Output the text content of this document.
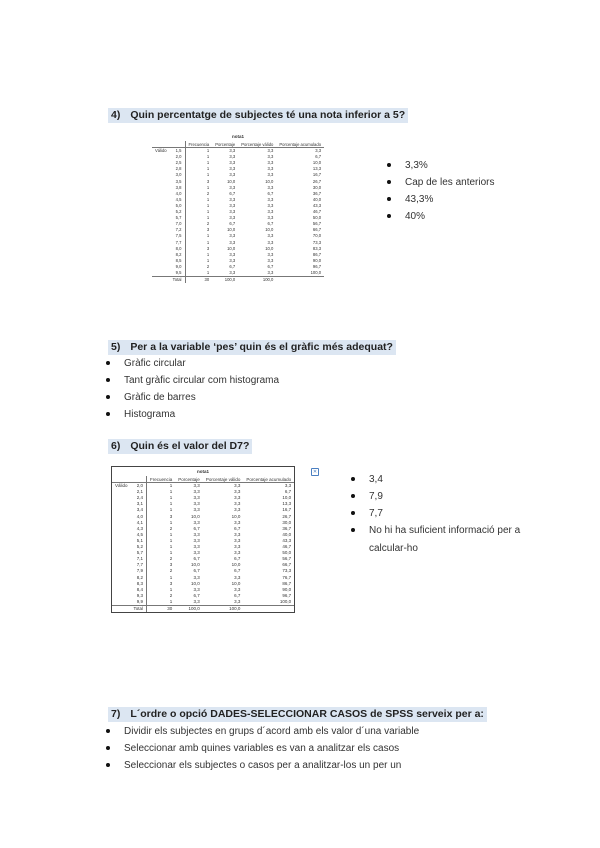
4) Quin percentatge de subjectes té una nota inferior a 5?
nota1					
		Frecuencia	Porcentaje	Porcentaje válido	Porcentaje acumulado
Válido	1,5	1	3,3	3,3	3,3
	2,0	1	3,3	3,3	6,7
	2,5	1	3,3	3,3	10,0
	2,8	1	3,3	3,3	13,3
	3,0	1	3,3	3,3	16,7
	3,5	3	10,0	10,0	26,7
	3,8	1	3,3	3,3	30,0
	4,0	2	6,7	6,7	36,7
	4,5	1	3,3	3,3	40,0
	5,0	1	3,3	3,3	43,3
	5,2	1	3,3	3,3	46,7
	5,7	1	3,3	3,3	50,0
	7,0	2	6,7	6,7	56,7
	7,2	3	10,0	10,0	66,7
	7,5	1	3,3	3,3	70,0
	7,7	1	3,3	3,3	73,3
	8,0	3	10,0	10,0	83,3
	8,2	1	3,3	3,3	86,7
	8,5	1	3,3	3,3	90,0
	9,0	2	6,7	6,7	96,7
	9,5	1	3,3	3,3	100,0
	Total	30	100,0	100,0	
3,3%
Cap de les anteriors
43,3%
40%
5) Per a la variable ‘pes’ quin és el gràfic més adequat?
Gràfic circular
Tant gràfic circular com histograma
Gràfic de barres
Histograma
6) Quin és el valor del D7?
nota1					
		Frecuencia	Porcentaje	Porcentaje válido	Porcentaje acumulado
Válido	2,0	1	3,3	3,3	3,3
	2,1	1	3,3	3,3	6,7
	2,4	1	3,3	3,3	10,0
	3,1	1	3,3	3,3	13,3
	3,4	1	3,3	3,3	16,7
	4,0	3	10,0	10,0	26,7
	4,1	1	3,3	3,3	30,0
	4,3	2	6,7	6,7	36,7
	4,5	1	3,3	3,3	40,0
	5,1	1	3,3	3,3	43,3
	5,2	1	3,3	3,3	46,7
	5,7	1	3,3	3,3	50,0
	7,1	2	6,7	6,7	56,7
	7,7	3	10,0	10,0	66,7
	7,9	2	6,7	6,7	73,3
	8,2	1	3,3	3,3	76,7
	8,3	3	10,0	10,0	86,7
	8,4	1	3,3	3,3	90,0
	9,3	2	6,7	6,7	96,7
	9,9	1	3,3	3,3	100,0
	Total	30	100,0	100,0	
✕
3,4
7,9
7,7
No hi ha suficient informació per a calcular-ho
7) L´ordre o opció DADES-SELECCIONAR CASOS de SPSS serveix per a:
Dividir els subjectes en grups d´acord amb els valor d´una variable
Seleccionar amb quines variables es van a analitzar els casos
Seleccionar els subjectes o casos per a analitzar-los un per un
